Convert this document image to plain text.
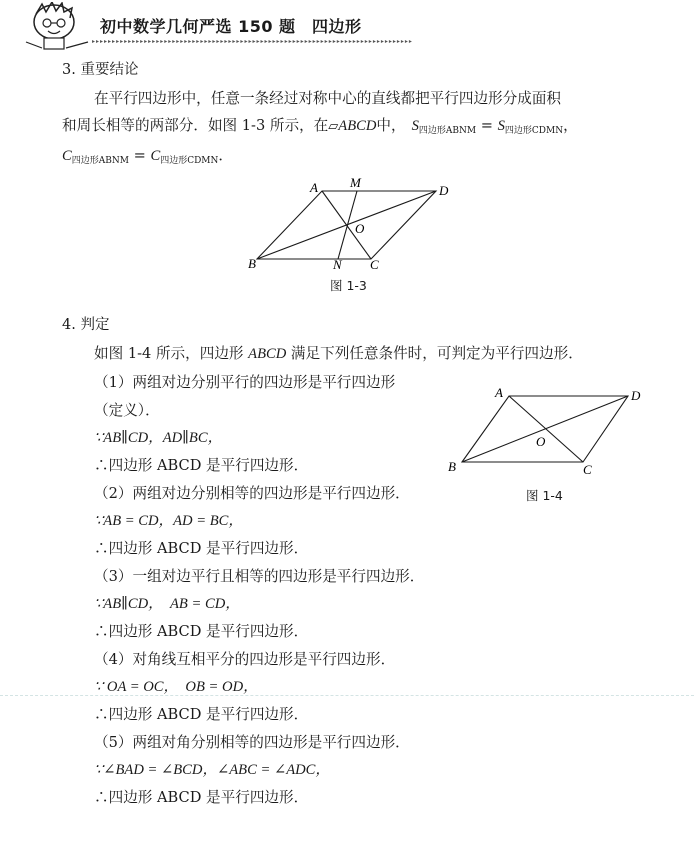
初中数学几何严选 150 题　四边形
▸▸▸▸▸▸▸▸▸▸▸▸▸▸▸▸▸▸▸▸▸▸▸▸▸▸▸▸▸▸▸▸▸▸▸▸▸▸▸▸▸▸▸▸▸▸▸▸▸▸▸▸▸▸▸▸▸▸▸▸▸▸▸▸▸▸▸▸▸▸▸▸▸▸▸▸▸▸▸▸
3. 重要结论
在平行四边形中，任意一条经过对称中心的直线都把平行四边形分成面积
和周长相等的两部分．如图 1-3 所示，在▱ABCD中， $S_{四边形ABNM} = S_{四边形CDMN}$，
$C_{四边形ABNM} = C_{四边形CDMN}$．
A M
D
O
B	N C
图 1-3
4. 判定
如图 1-4 所示，四边形 ABCD 满足下列任意条件时，可判定为平行四边形．
（1）两组对边分别平行的四边形是平行四边形
（定义）．
∵AB∥CD，AD∥BC，
∴四边形 ABCD 是平行四边形．
（2）两组对边分别相等的四边形是平行四边形．
∵AB = CD，AD = BC，
∴四边形 ABCD 是平行四边形．
（3）一组对边平行且相等的四边形是平行四边形．
∵AB∥CD，　AB = CD，
∴四边形 ABCD 是平行四边形．
（4）对角线互相平分的四边形是平行四边形．
∵ OA = OC，　OB = OD，
∴四边形 ABCD 是平行四边形．
（5）两组对角分别相等的四边形是平行四边形．
∵∠BAD = ∠BCD，∠ABC = ∠ADC，
∴四边形 ABCD 是平行四边形．
A	D
O
B	C
图 1-4
